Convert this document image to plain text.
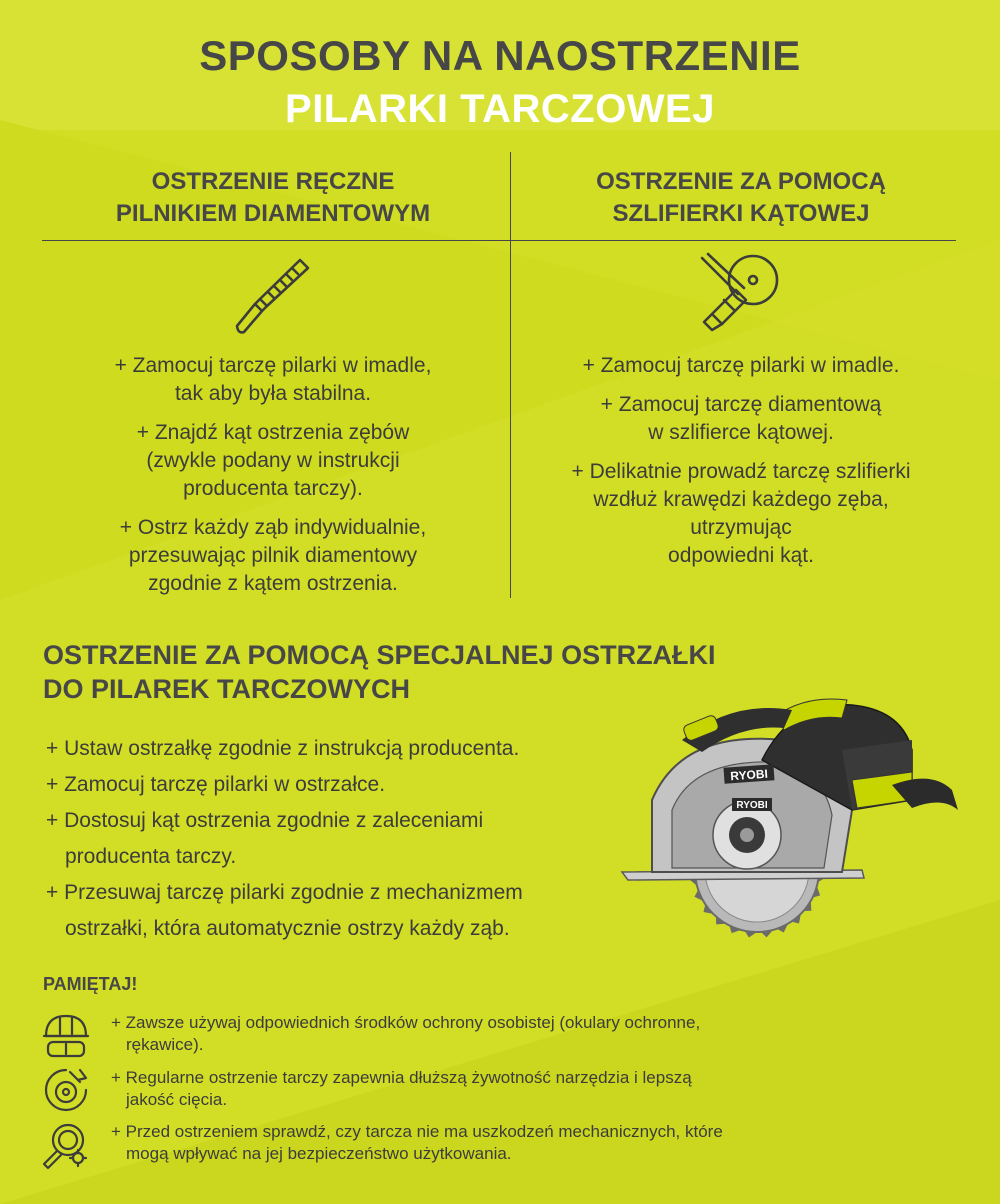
SPOSOBY NA NAOSTRZENIE
PILARKI TARCZOWEJ
OSTRZENIE RĘCZNE
PILNIKIEM DIAMENTOWYM
OSTRZENIE ZA POMOCĄ
SZLIFIERKI KĄTOWEJ
+ Zamocuj tarczę pilarki w imadle,
tak aby była stabilna.
+ Znajdź kąt ostrzenia zębów
(zwykle podany w instrukcji
producenta tarczy).
+ Ostrz każdy ząb indywidualnie,
przesuwając pilnik diamentowy
zgodnie z kątem ostrzenia.
+ Zamocuj tarczę pilarki w imadle.
+ Zamocuj tarczę diamentową
w szlifierce kątowej.
+ Delikatnie prowadź tarczę szlifierki
wzdłuż krawędzi każdego zęba,
utrzymując
odpowiedni kąt.
OSTRZENIE ZA POMOCĄ SPECJALNEJ OSTRZAŁKI
DO PILAREK TARCZOWYCH
+ Ustaw ostrzałkę zgodnie z instrukcją producenta.
+ Zamocuj tarczę pilarki w ostrzałce.
+ Dostosuj kąt ostrzenia zgodnie z zaleceniami
producenta tarczy.
+ Przesuwaj tarczę pilarki zgodnie z mechanizmem
ostrzałki, która automatycznie ostrzy każdy ząb.
RYOBI
RYOBI
PAMIĘTAJ!
+ Zawsze używaj odpowiednich środków ochrony osobistej (okulary ochronne,
rękawice).
+ Regularne ostrzenie tarczy zapewnia dłuższą żywotność narzędzia i lepszą
jakość cięcia.
+ Przed ostrzeniem sprawdź, czy tarcza nie ma uszkodzeń mechanicznych, które
mogą wpływać na jej bezpieczeństwo użytkowania.
